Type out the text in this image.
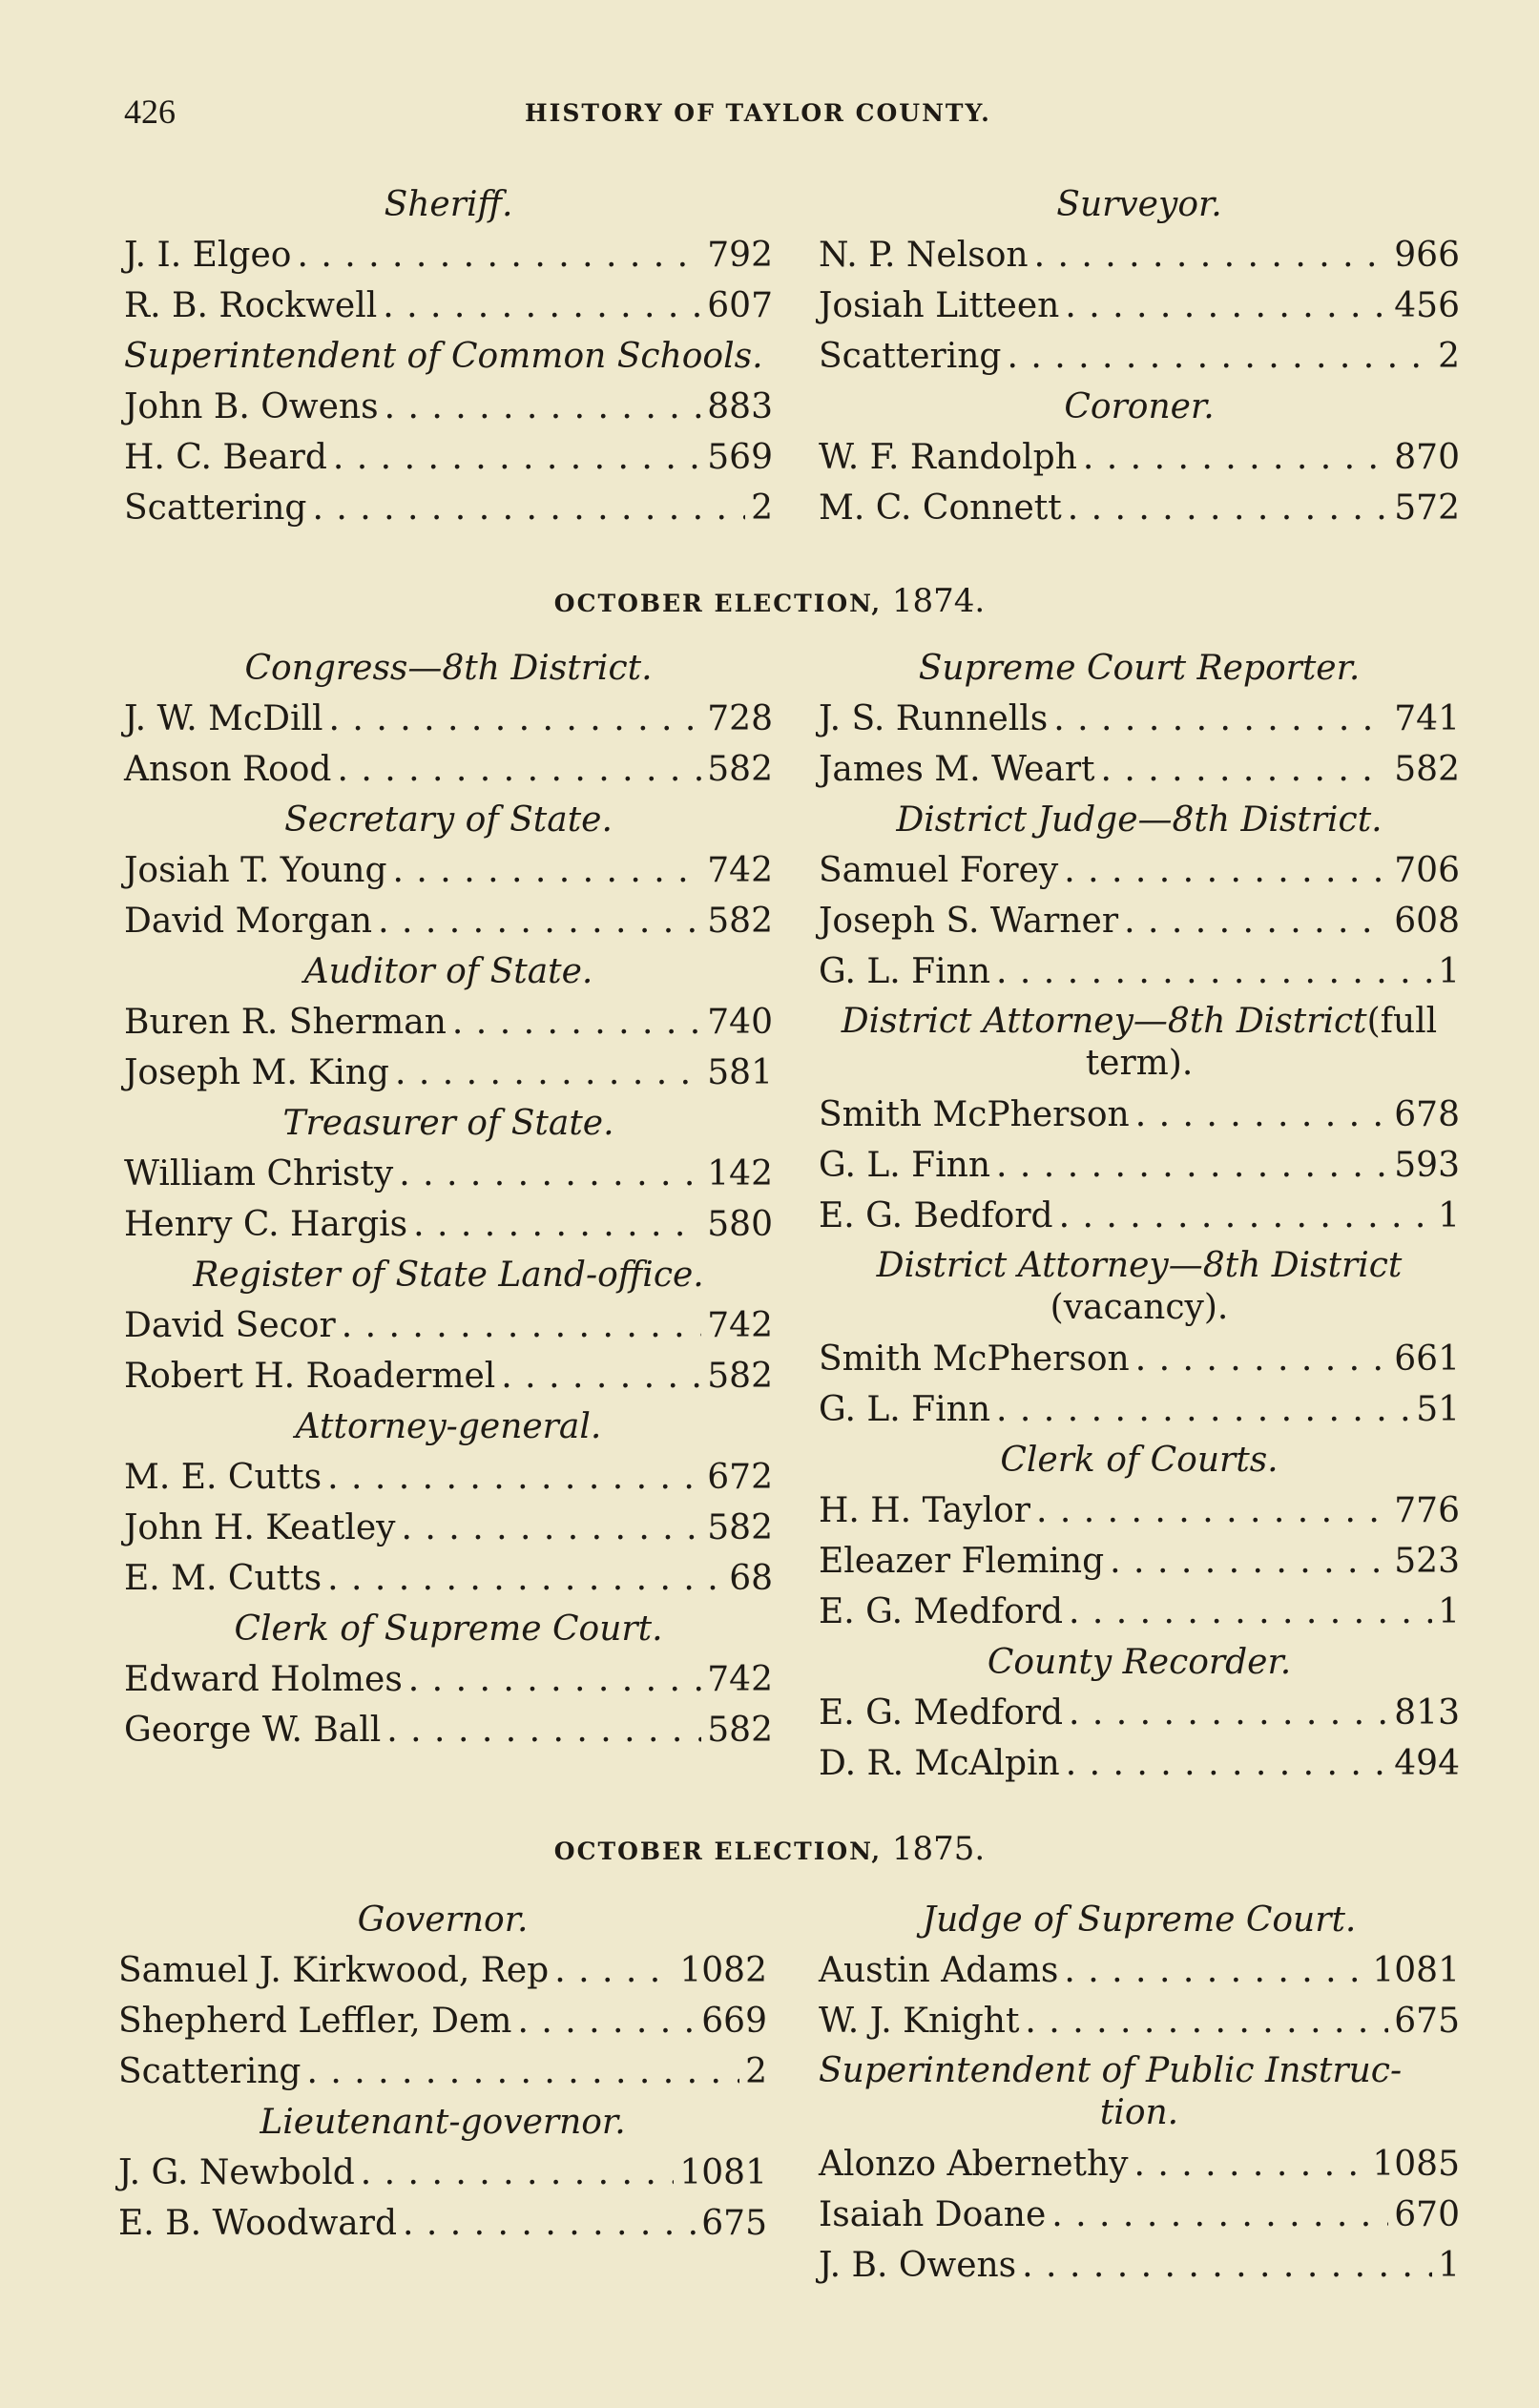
426	HISTORY OF TAYLOR COUNTY.
Sheriff.
J. I. Elgeo . . .	792
R. B. Rockwell . . .	607
Superintendent of Common Schools.
John B. Owens . . .	883
H. C. Beard . . .	569
Scattering . . .	2
Surveyor.
N. P. Nelson . . .	966
Josiah Litteen . . .	456
Scattering . . .	2
Coroner.
W. F. Randolph . . .	870
M. C. Connett . . .	572
OCTOBER ELECTION, 1874.
Congress—8th District.
J. W. McDill . . .	728
Anson Rood . . .	582
Secretary of State.
Josiah T. Young . . .	742
David Morgan . . .	582
Auditor of State.
Buren R. Sherman . . .	740
Joseph M. King . . .	581
Treasurer of State.
William Christy . . .	142
Henry C. Hargis . . .	580
Register of State Land-office.
David Secor . . .	742
Robert H. Roadermel . . .	582
Attorney-general.
M. E. Cutts . . .	672
John H. Keatley . . .	582
E. M. Cutts . . .	68
Clerk of Supreme Court.
Edward Holmes . . .	742
George W. Ball . . .	582
Supreme Court Reporter.
J. S. Runnells . . .	741
James M. Weart . . .	582
District Judge—8th District.
Samuel Forey . . .	706
Joseph S. Warner . . .	608
G. L. Finn . . .	1
District Attorney—8th District(full
term).
Smith McPherson . . .	678
G. L. Finn . . .	593
E. G. Bedford . . .	1
District Attorney—8th District
(vacancy).
Smith McPherson . . .	661
G. L. Finn . . .	51
Clerk of Courts.
H. H. Taylor . . .	776
Eleazer Fleming . . .	523
E. G. Medford . . .	1
County Recorder.
E. G. Medford . . .	813
D. R. McAlpin . . .	494
OCTOBER ELECTION, 1875.
Governor.
Samuel J. Kirkwood, Rep . . .	1082
Shepherd Leffler, Dem . . .	669
Scattering . . .	2
Lieutenant-governor.
J. G. Newbold . . .	1081
E. B. Woodward . . .	675
Judge of Supreme Court.
Austin Adams . . .	1081
W. J. Knight . . .	675
Superintendent of Public Instruc-
tion.
Alonzo Abernethy . . .	1085
Isaiah Doane . . .	670
J. B. Owens . . .	1
